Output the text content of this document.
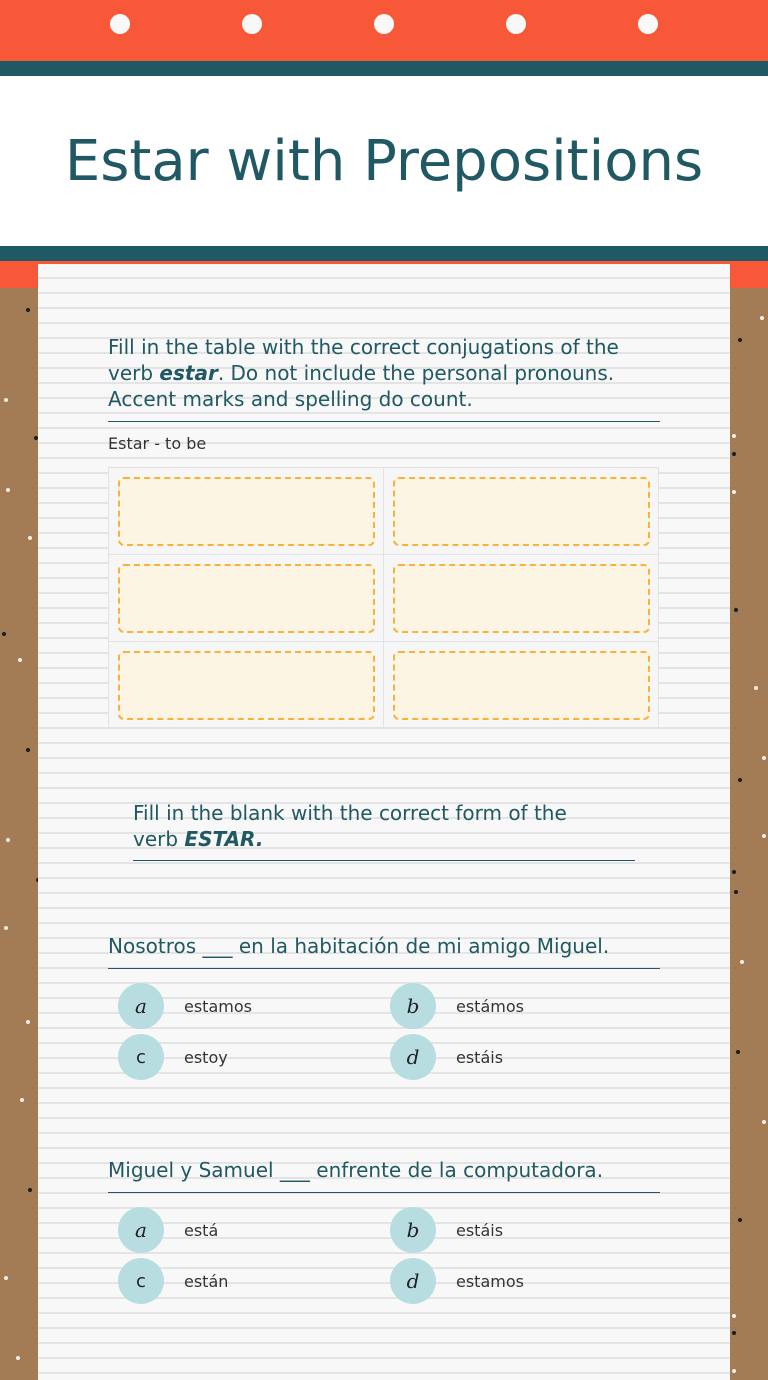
Estar with Prepositions
Fill in the table with the correct conjugations of the verb estar. Do not include the personal pronouns. Accent marks and spelling do count.
Estar - to be
Fill in the blank with the correct form of the verb ESTAR.
Nosotros ___ en la habitación de mi amigo Miguel.
a	estamos	b	estámos
c	estoy	d	estáis
Miguel y Samuel ___ enfrente de la computadora.
a	está	b	estáis
c	están	d	estamos
